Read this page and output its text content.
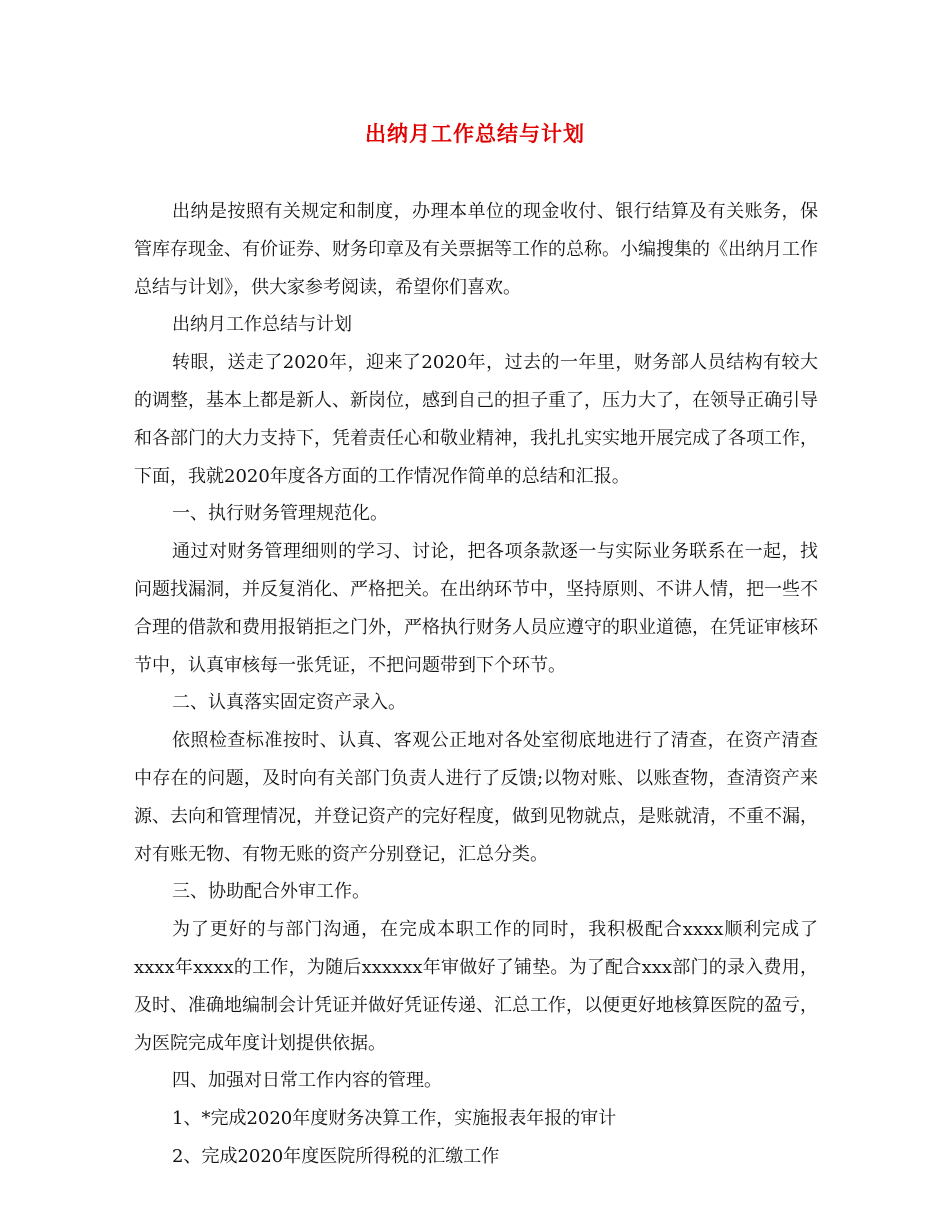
出纳月工作总结与计划

出纳是按照有关规定和制度，办理本单位的现金收付、银行结算及有关账务，保管库存现金、有价证券、财务印章及有关票据等工作的总称。小编搜集的《出纳月工作总结与计划》，供大家参考阅读，希望你们喜欢。

出纳月工作总结与计划

转眼，送走了2020年，迎来了2020年，过去的一年里，财务部人员结构有较大的调整，基本上都是新人、新岗位，感到自己的担子重了，压力大了，在领导正确引导和各部门的大力支持下，凭着责任心和敬业精神，我扎扎实实地开展完成了各项工作，下面，我就2020年度各方面的工作情况作简单的总结和汇报。

一、执行财务管理规范化。

通过对财务管理细则的学习、讨论，把各项条款逐一与实际业务联系在一起，找问题找漏洞，并反复消化、严格把关。在出纳环节中，坚持原则、不讲人情，把一些不合理的借款和费用报销拒之门外，严格执行财务人员应遵守的职业道德，在凭证审核环节中，认真审核每一张凭证，不把问题带到下个环节。

二、认真落实固定资产录入。

依照检查标准按时、认真、客观公正地对各处室彻底地进行了清查，在资产清查中存在的问题，及时向有关部门负责人进行了反馈;以物对账、以账查物，查清资产来源、去向和管理情况，并登记资产的完好程度，做到见物就点，是账就清，不重不漏，对有账无物、有物无账的资产分别登记，汇总分类。

三、协助配合外审工作。

为了更好的与部门沟通，在完成本职工作的同时，我积极配合xxxx顺利完成了xxxx年xxxx的工作，为随后xxxxxx年审做好了铺垫。为了配合xxx部门的录入费用，及时、准确地编制会计凭证并做好凭证传递、汇总工作，以便更好地核算医院的盈亏，为医院完成年度计划提供依据。

四、加强对日常工作内容的管理。

1、*完成2020年度财务决算工作，实施报表年报的审计

2、完成2020年度医院所得税的汇缴工作
